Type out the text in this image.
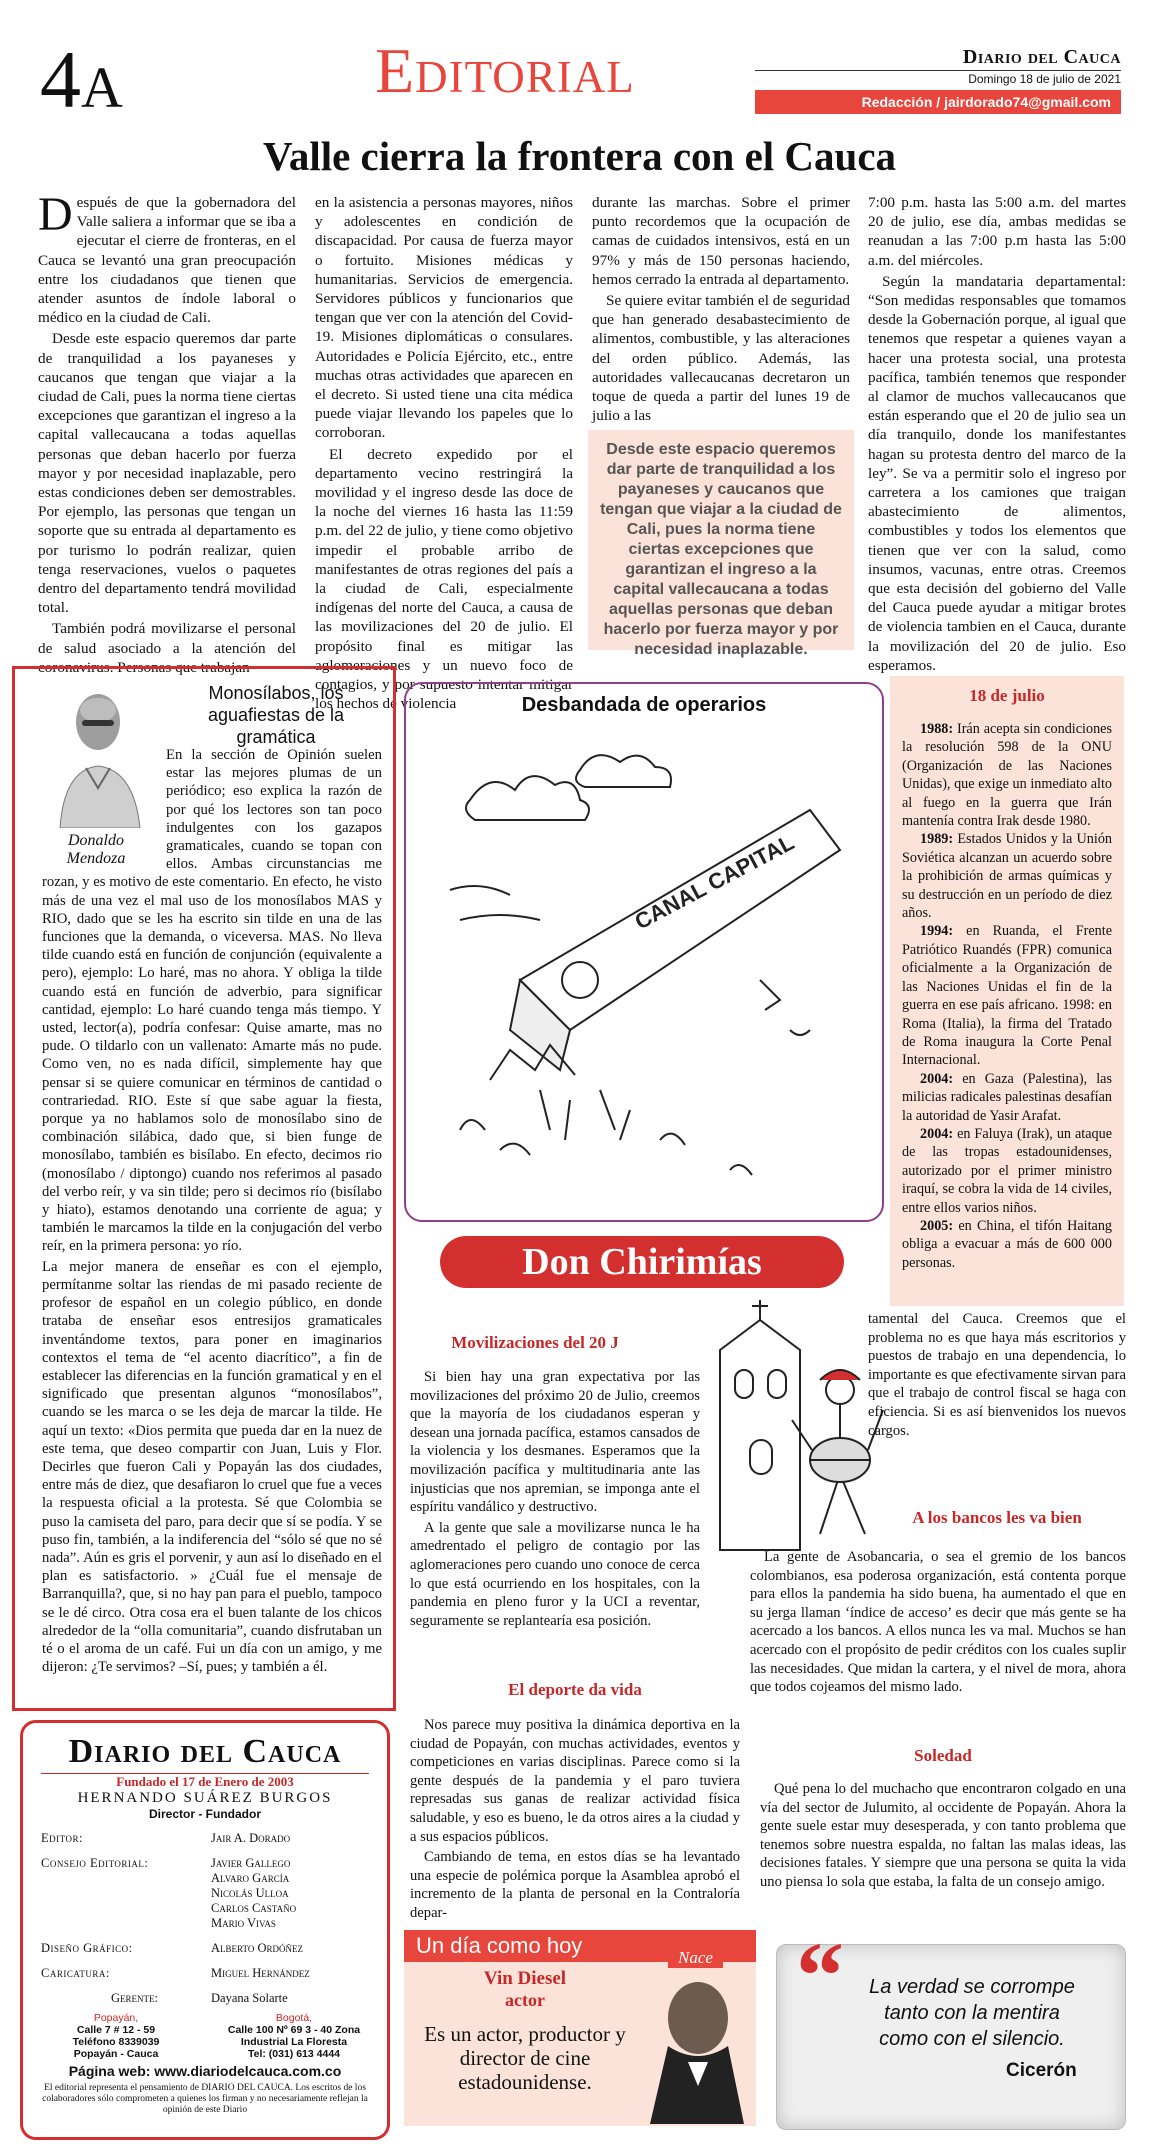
4A	Editorial	Diario del Cauca
Domingo 18 de julio de 2021
Redacción / jairdorado74@gmail.com
Valle cierra la frontera con el Cauca

Después de que la gobernadora del Valle saliera a informar que se iba a ejecutar el cierre de fronteras, en el Cauca se levantó una gran preocupación entre los ciudadanos que tienen que atender asuntos de índole laboral o médico en la ciudad de Cali.

Desde este espacio queremos dar parte de tranquilidad a los payaneses y caucanos que tengan que viajar a la ciudad de Cali, pues la norma tiene ciertas excepciones que garantizan el ingreso a la capital vallecaucana a todas aquellas personas que deban hacerlo por fuerza mayor y por necesidad inaplazable, pero estas condiciones deben ser demostrables. Por ejemplo, las personas que tengan un soporte que su entrada al departamento es por turismo lo podrán realizar, quien tenga reservaciones, vuelos o paquetes dentro del departamento tendrá movilidad total.

También podrá movilizarse el personal de salud asociado a la atención del coronavirus. Personas que trabajan

en la asistencia a personas mayores, niños y adolescentes en condición de discapacidad. Por causa de fuerza mayor o fortuito. Misiones médicas y humanitarias. Servicios de emergencia. Servidores públicos y funcionarios que tengan que ver con la atención del Covid-19. Misiones diplomáticas o consulares. Autoridades e Policía Ejército, etc., entre muchas otras actividades que aparecen en el decreto. Si usted tiene una cita médica puede viajar llevando los papeles que lo corroboran.

El decreto expedido por el departamento vecino restringirá la movilidad y el ingreso desde las doce de la noche del viernes 16 hasta las 11:59 p.m. del 22 de julio, y tiene como objetivo impedir el probable arribo de manifestantes de otras regiones del país a la ciudad de Cali, especialmente indígenas del norte del Cauca, a causa de las movilizaciones del 20 de julio. El propósito final es mitigar las aglomeraciones y un nuevo foco de contagios, y por supuesto intentar mitigar los hechos de violencia

durante las marchas. Sobre el primer punto recordemos que la ocupación de camas de cuidados intensivos, está en un 97% y más de 150 personas haciendo, hemos cerrado la entrada al departamento.

Se quiere evitar también el de seguridad que han generado desabastecimiento de alimentos, combustible, y las alteraciones del orden público. Además, las autoridades vallecaucanas decretaron un toque de queda a partir del lunes 19 de julio a las

Desde este espacio queremos dar parte de tranquilidad a los payaneses y caucanos que tengan que viajar a la ciudad de Cali, pues la norma tiene ciertas excepciones que garantizan el ingreso a la capital vallecaucana a todas aquellas personas que deban hacerlo por fuerza mayor y por necesidad inaplazable.

7:00 p.m. hasta las 5:00 a.m. del martes 20 de julio, ese día, ambas medidas se reanudan a las 7:00 p.m hasta las 5:00 a.m. del miércoles.

Según la mandataria departamental: “Son medidas responsables que tomamos desde la Gobernación porque, al igual que tenemos que respetar a quienes vayan a hacer una protesta social, una protesta pacífica, también tenemos que responder al clamor de muchos vallecaucanos que están esperando que el 20 de julio sea un día tranquilo, donde los manifestantes hagan su protesta dentro del marco de la ley”. Se va a permitir solo el ingreso por carretera a los camiones que traigan abastecimiento de alimentos, combustibles y todos los elementos que tienen que ver con la salud, como insumos, vacunas, entre otras. Creemos que esta decisión del gobierno del Valle del Cauca puede ayudar a mitigar brotes de violencia tambien en el Cauca, durante la movilización del 20 de julio. Eso esperamos.

Donaldo Mendoza
Monosílabos, los aguafiestas de la gramática

En la sección de Opinión suelen estar las mejores plumas de un periódico; eso explica la razón de por qué los lectores son tan poco indulgentes con los gazapos gramaticales, cuando se topan con ellos. Ambas circunstancias me rozan, y es motivo de este comentario. En efecto, he visto más de una vez el mal uso de los monosílabos MAS y RIO, dado que se les ha escrito sin tilde en una de las funciones que la demanda, o viceversa. MAS. No lleva tilde cuando está en función de conjunción (equivalente a pero), ejemplo: Lo haré, mas no ahora. Y obliga la tilde cuando está en función de adverbio, para significar cantidad, ejemplo: Lo haré cuando tenga más tiempo. Y usted, lector(a), podría confesar: Quise amarte, mas no pude. O tildarlo con un vallenato: Amarte más no pude. Como ven, no es nada difícil, simplemente hay que pensar si se quiere comunicar en términos de cantidad o contrariedad. RIO. Este sí que sabe aguar la fiesta, porque ya no hablamos solo de monosílabo sino de combinación silábica, dado que, si bien funge de monosílabo, también es bisílabo. En efecto, decimos rio (monosílabo / diptongo) cuando nos referimos al pasado del verbo reír, y va sin tilde; pero si decimos río (bisílabo y hiato), estamos denotando una corriente de agua; y también le marcamos la tilde en la conjugación del verbo reír, en la primera persona: yo río.

La mejor manera de enseñar es con el ejemplo, permítanme soltar las riendas de mi pasado reciente de profesor de español en un colegio público, en donde trataba de enseñar esos entresijos gramaticales inventándome textos, para poner en imaginarios contextos el tema de “el acento diacrítico”, a fin de establecer las diferencias en la función gramatical y en el significado que presentan algunos “monosílabos”, cuando se les marca o se les deja de marcar la tilde. He aquí un texto: «Dios permita que pueda dar en la nuez de este tema, que deseo compartir con Juan, Luis y Flor. Decirles que fueron Cali y Popayán las dos ciudades, entre más de diez, que desafiaron lo cruel que fue a veces la respuesta oficial a la protesta. Sé que Colombia se puso la camiseta del paro, para decir que sí se podía. Y se puso fin, también, a la indiferencia del “sólo sé que no sé nada”. Aún es gris el porvenir, y aun así lo diseñado en el plan es satisfactorio. » ¿Cuál fue el mensaje de Barranquilla?, que, si no hay pan para el pueblo, tampoco se le dé circo. Otra cosa era el buen talante de los chicos alrededor de la “olla comunitaria”, cuando disfrutaban un té o el aroma de un café. Fui un día con un amigo, y me dijeron: ¿Te servimos? –Sí, pues; y también a él.

Desbandada de operarios
CANAL CAPITAL
18 de julio

1988: Irán acepta sin condiciones la resolución 598 de la ONU (Organización de las Naciones Unidas), que exige un inmediato alto al fuego en la guerra que Irán mantenía contra Irak desde 1980.

1989: Estados Unidos y la Unión Soviética alcanzan un acuerdo sobre la prohibición de armas químicas y su destrucción en un período de diez años.

1994: en Ruanda, el Frente Patriótico Ruandés (FPR) comunica oficialmente a la Organización de las Naciones Unidas el fin de la guerra en ese país africano. 1998: en Roma (Italia), la firma del Tratado de Roma inaugura la Corte Penal Internacional.

2004: en Gaza (Palestina), las milicias radicales palestinas desafían la autoridad de Yasir Arafat.

2004: en Faluya (Irak), un ataque de las tropas estadounidenses, autorizado por el primer ministro iraquí, se cobra la vida de 14 civiles, entre ellos varios niños.

2005: en China, el tifón Haitang obliga a evacuar a más de 600 000 personas.

Don Chirimías
Movilizaciones del 20 J

Si bien hay una gran expectativa por las movilizaciones del próximo 20 de Julio, creemos que la mayoría de los ciudadanos esperan y desean una jornada pacífica, estamos cansados de la violencia y los desmanes. Esperamos que la movilización pacífica y multitudinaria ante las injusticias que nos apremian, se imponga ante el espíritu vandálico y destructivo.

A la gente que sale a movilizarse nunca le ha amedrentado el peligro de contagio por las aglomeraciones pero cuando uno conoce de cerca lo que está ocurriendo en los hospitales, con la pandemia en pleno furor y la UCI a reventar, seguramente se replantearía esa posición.

tamental del Cauca. Creemos que el problema no es que haya más escritorios y puestos de trabajo en una dependencia, lo importante es que efectivamente sirvan para que el trabajo de control fiscal se haga con eficiencia. Si es así bienvenidos los nuevos cargos.

A los bancos les va bien

La gente de Asobancaria, o sea el gremio de los bancos colombianos, esa poderosa organización, está contenta porque para ellos la pandemia ha sido buena, ha aumentado el que en su jerga llaman ‘índice de acceso’ es decir que más gente se ha acercado a los bancos. A ellos nunca les va mal. Muchos se han acercado con el propósito de pedir créditos con los cuales suplir las necesidades. Que midan la cartera, y el nivel de mora, ahora que todos cojeamos del mismo lado.

El deporte da vida

Nos parece muy positiva la dinámica deportiva en la ciudad de Popayán, con muchas actividades, eventos y competiciones en varias disciplinas. Parece como si la gente después de la pandemia y el paro tuviera represadas sus ganas de realizar actividad física saludable, y eso es bueno, le da otros aires a la ciudad y a sus espacios públicos.

Cambiando de tema, en estos días se ha levantado una especie de polémica porque la Asamblea aprobó el incremento de la planta de personal en la Contraloría depar-

Soledad

Qué pena lo del muchacho que encontraron colgado en una vía del sector de Julumito, al occidente de Popayán. Ahora la gente suele estar muy desesperada, y con tanto problema que tenemos sobre nuestra espalda, no faltan las malas ideas, las decisiones fatales. Y siempre que una persona se quita la vida uno piensa lo sola que estaba, la falta de un consejo amigo.

Diario del Cauca
Fundado el 17 de Enero de 2003
HERNANDO SUÁREZ BURGOS
Director - Fundador
Editor:	Jair A. Dorado
Consejo Editorial:	Javier Gallego
Alvaro García
Nicolás Ulloa
Carlos Castaño
Mario Vivas
Diseño Gráfico:	Alberto Ordóñez
Caricatura:	Miguel Hernández
Gerente:	Dayana Solarte
Popayán,
Calle 7 # 12 - 59
Teléfono 8339039
Popayán - Cauca
Bogotá,
Calle 100 Nº 69 3 - 40 Zona
Industrial La Floresta
Tel: (031) 613 4444
Página web: www.diariodelcauca.com.co
El editorial representa el pensamiento de DIARIO DEL CAUCA. Los escritos de los colaboradores sólo comprometen a quienes los firman y no necesariamente reflejan la opinión de este Diario
Un día como hoy	Nace
Vin Diesel
actor
Es un actor, productor y director de cine estadounidense.
“	La verdad se corrompe tanto con la mentira como con el silencio.
Cicerón
